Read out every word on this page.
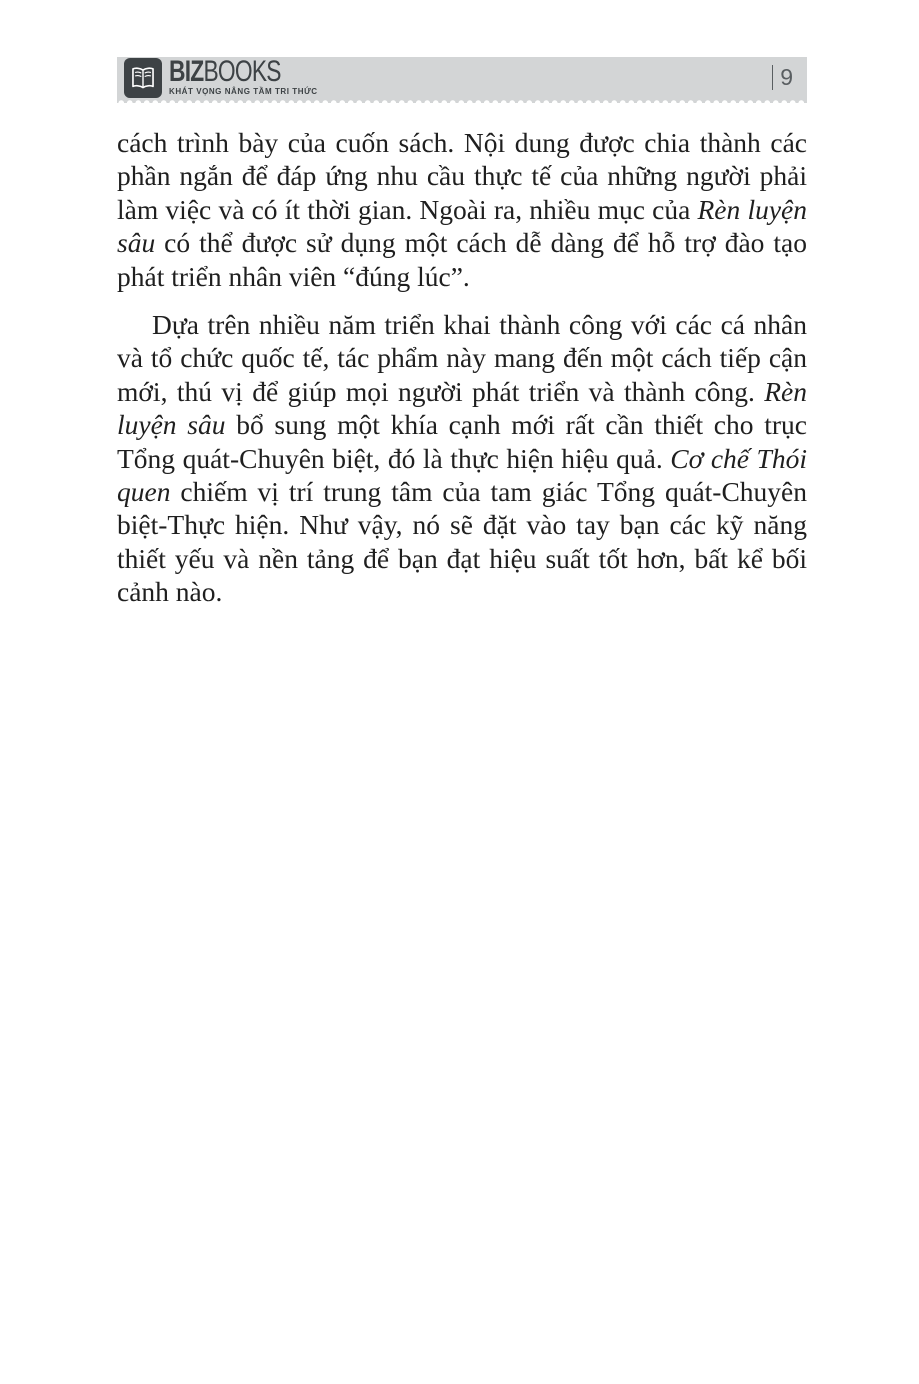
BIZBOOKS
KHÁT VỌNG NÂNG TẦM TRI THỨC
9

cách trình bày của cuốn sách. Nội dung được chia thành các phần ngắn để đáp ứng nhu cầu thực tế của những người phải làm việc và có ít thời gian. Ngoài ra, nhiều mục của Rèn luyện sâu có thể được sử dụng một cách dễ dàng để hỗ trợ đào tạo phát triển nhân viên “đúng lúc”.

Dựa trên nhiều năm triển khai thành công với các cá nhân và tổ chức quốc tế, tác phẩm này mang đến một cách tiếp cận mới, thú vị để giúp mọi người phát triển và thành công. Rèn luyện sâu bổ sung một khía cạnh mới rất cần thiết cho trục Tổng quát-Chuyên biệt, đó là thực hiện hiệu quả. Cơ chế Thói quen chiếm vị trí trung tâm của tam giác Tổng quát-Chuyên biệt-Thực hiện. Như vậy, nó sẽ đặt vào tay bạn các kỹ năng thiết yếu và nền tảng để bạn đạt hiệu suất tốt hơn, bất kể bối cảnh nào.
